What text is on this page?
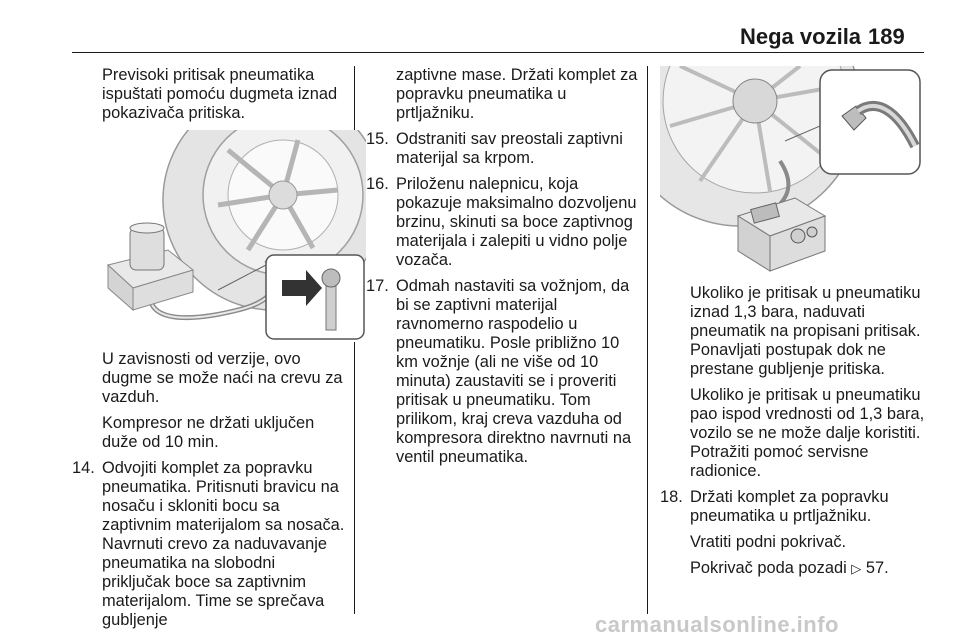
Nega vozila 189

Previsoki pritisak pneumatika ispuštati pomoću dugmeta iznad pokazivača pritiska.

U zavisnosti od verzije, ovo dugme se može naći na crevu za vazduh.

Kompresor ne držati uključen duže od 10 min.

14. Odvojiti komplet za popravku pneumatika. Pritisnuti bravicu na nosaču i skloniti bocu sa zaptivnim materijalom sa nosača. Navrnuti crevo za naduvavanje pneumatika na slobodni priključak boce sa zaptivnim materijalom. Time se sprečava gubljenje

zaptivne mase. Držati komplet za popravku pneumatika u prtljažniku.

15. Odstraniti sav preostali zaptivni materijal sa krpom.
16. Priloženu nalepnicu, koja pokazuje maksimalno dozvoljenu brzinu, skinuti sa boce zaptivnog materijala i zalepiti u vidno polje vozača.
17. Odmah nastaviti sa vožnjom, da bi se zaptivni materijal ravnomerno raspodelio u pneumatiku. Posle približno 10 km vožnje (ali ne više od 10 minuta) zaustaviti se i proveriti pritisak u pneumatiku. Tom prilikom, kraj creva vazduha od kompresora direktno navrnuti na ventil pneumatika.

Ukoliko je pritisak u pneumatiku iznad 1,3 bara, naduvati pneumatik na propisani pritisak. Ponavljati postupak dok ne prestane gubljenje pritiska.

Ukoliko je pritisak u pneumatiku pao ispod vrednosti od 1,3 bara, vozilo se ne može dalje koristiti. Potražiti pomoć servisne radionice.

18. Držati komplet za popravku pneumatika u prtljažniku.

Vratiti podni pokrivač.

Pokrivač poda pozadi ▷ 57.

carmanualsonline.info
